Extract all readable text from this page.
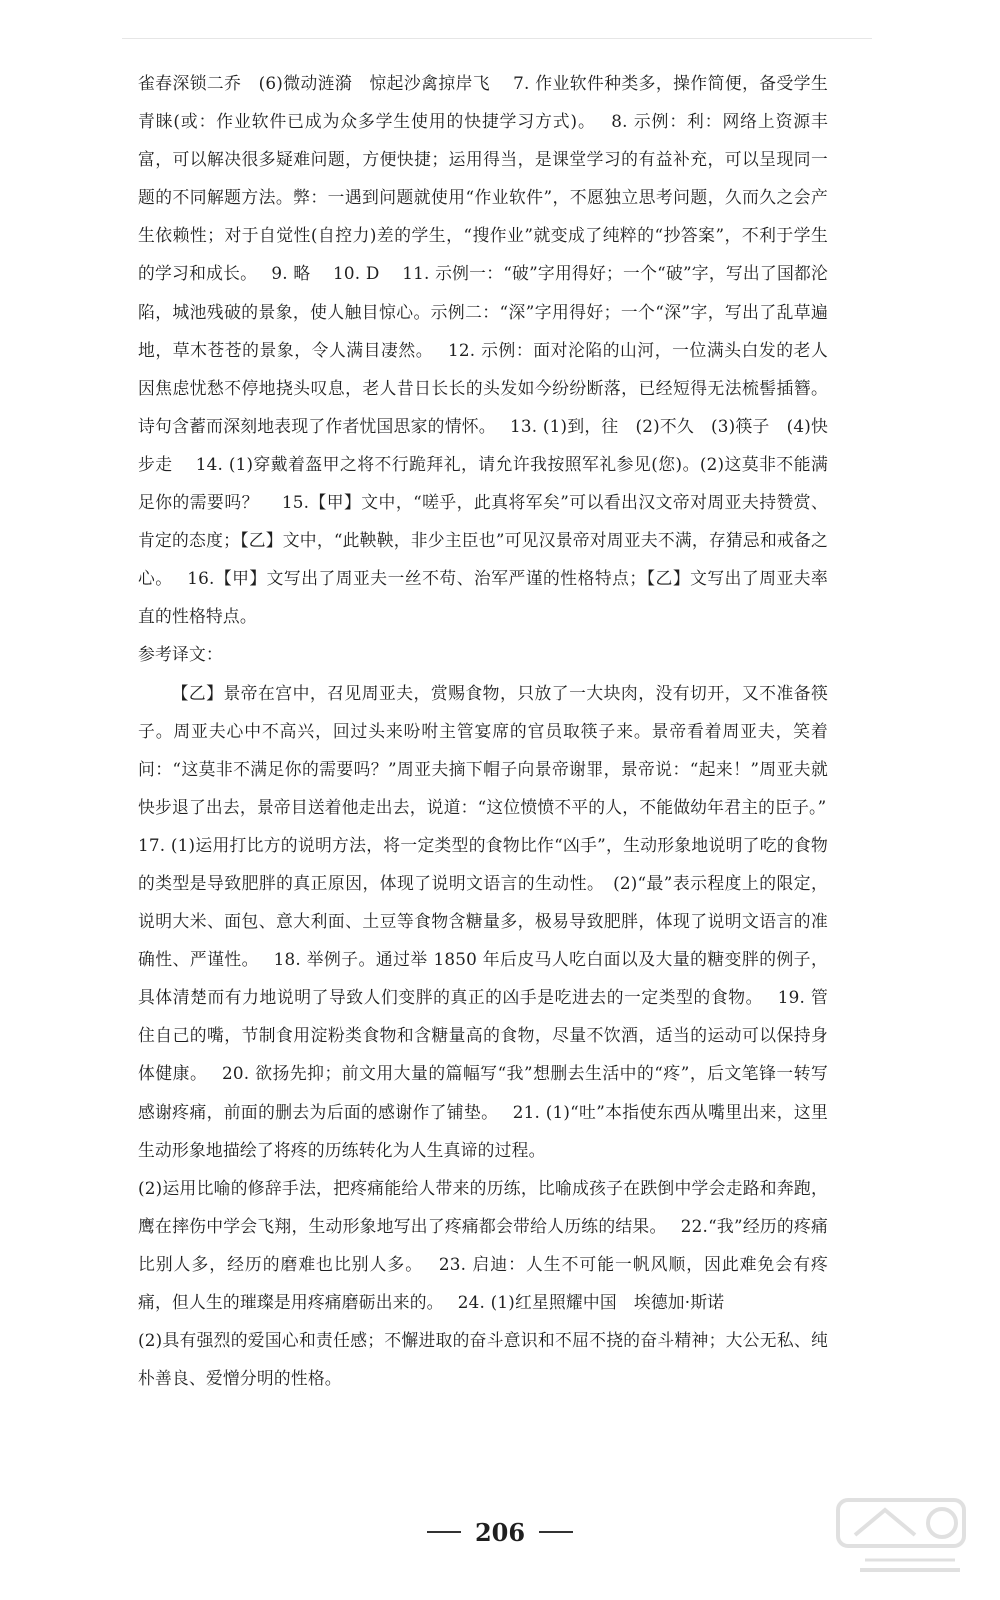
雀春深锁二乔　(6)微动涟漪　惊起沙禽掠岸飞　 7. 作业软件种类多，操作简便，备受学生青睐(或：作业软件已成为众多学生使用的快捷学习方式)。　 8. 示例：利：网络上资源丰富，可以解决很多疑难问题，方便快捷；运用得当，是课堂学习的有益补充，可以呈现同一题的不同解题方法。弊：一遇到问题就使用“作业软件”，不愿独立思考问题，久而久之会产生依赖性；对于自觉性(自控力)差的学生，“搜作业”就变成了纯粹的“抄答案”，不利于学生的学习和成长。　 9. 略　 10. D　 11. 示例一：“破”字用得好；一个“破”字，写出了国都沦陷，城池残破的景象，使人触目惊心。示例二：“深”字用得好；一个“深”字，写出了乱草遍地，草木苍苍的景象，令人满目凄然。　 12. 示例：面对沦陷的山河，一位满头白发的老人因焦虑忧愁不停地挠头叹息，老人昔日长长的头发如今纷纷断落，已经短得无法梳髻插簪。诗句含蓄而深刻地表现了作者忧国思家的情怀。　 13. (1)到，往　(2)不久　(3)筷子　(4)快步走　 14. (1)穿戴着盔甲之将不行跪拜礼，请允许我按照军礼参见(您)。(2)这莫非不能满足你的需要吗？　 15.【甲】文中，“嗟乎，此真将军矣”可以看出汉文帝对周亚夫持赞赏、肯定的态度；【乙】文中，“此鞅鞅，非少主臣也”可见汉景帝对周亚夫不满，存猜忌和戒备之心。　 16.【甲】文写出了周亚夫一丝不苟、治军严谨的性格特点；【乙】文写出了周亚夫率直的性格特点。

参考译文：

【乙】景帝在宫中，召见周亚夫，赏赐食物，只放了一大块肉，没有切开，又不准备筷子。周亚夫心中不高兴，回过头来吩咐主管宴席的官员取筷子来。景帝看着周亚夫，笑着问：“这莫非不满足你的需要吗？”周亚夫摘下帽子向景帝谢罪，景帝说：“起来！”周亚夫就快步退了出去，景帝目送着他走出去，说道：“这位愤愤不平的人，不能做幼年君主的臣子。”

17. (1)运用打比方的说明方法，将一定类型的食物比作“凶手”，生动形象地说明了吃的食物的类型是导致肥胖的真正原因，体现了说明文语言的生动性。　(2)“最”表示程度上的限定，说明大米、面包、意大利面、土豆等食物含糖量多，极易导致肥胖，体现了说明文语言的准确性、严谨性。　 18. 举例子。通过举 1850 年后皮马人吃白面以及大量的糖变胖的例子，具体清楚而有力地说明了导致人们变胖的真正的凶手是吃进去的一定类型的食物。　 19. 管住自己的嘴，节制食用淀粉类食物和含糖量高的食物，尽量不饮酒，适当的运动可以保持身体健康。　 20. 欲扬先抑；前文用大量的篇幅写“我”想删去生活中的“疼”，后文笔锋一转写感谢疼痛，前面的删去为后面的感谢作了铺垫。　 21. (1)“吐”本指使东西从嘴里出来，这里生动形象地描绘了将疼的历练转化为人生真谛的过程。

(2)运用比喻的修辞手法，把疼痛能给人带来的历练，比喻成孩子在跌倒中学会走路和奔跑，鹰在摔伤中学会飞翔，生动形象地写出了疼痛都会带给人历练的结果。　 22.“我”经历的疼痛比别人多，经历的磨难也比别人多。　 23. 启迪：人生不可能一帆风顺，因此难免会有疼痛，但人生的璀璨是用疼痛磨砺出来的。　 24. (1)红星照耀中国　埃德加·斯诺

(2)具有强烈的爱国心和责任感；不懈进取的奋斗意识和不屈不挠的奋斗精神；大公无私、纯朴善良、爱憎分明的性格。

206
